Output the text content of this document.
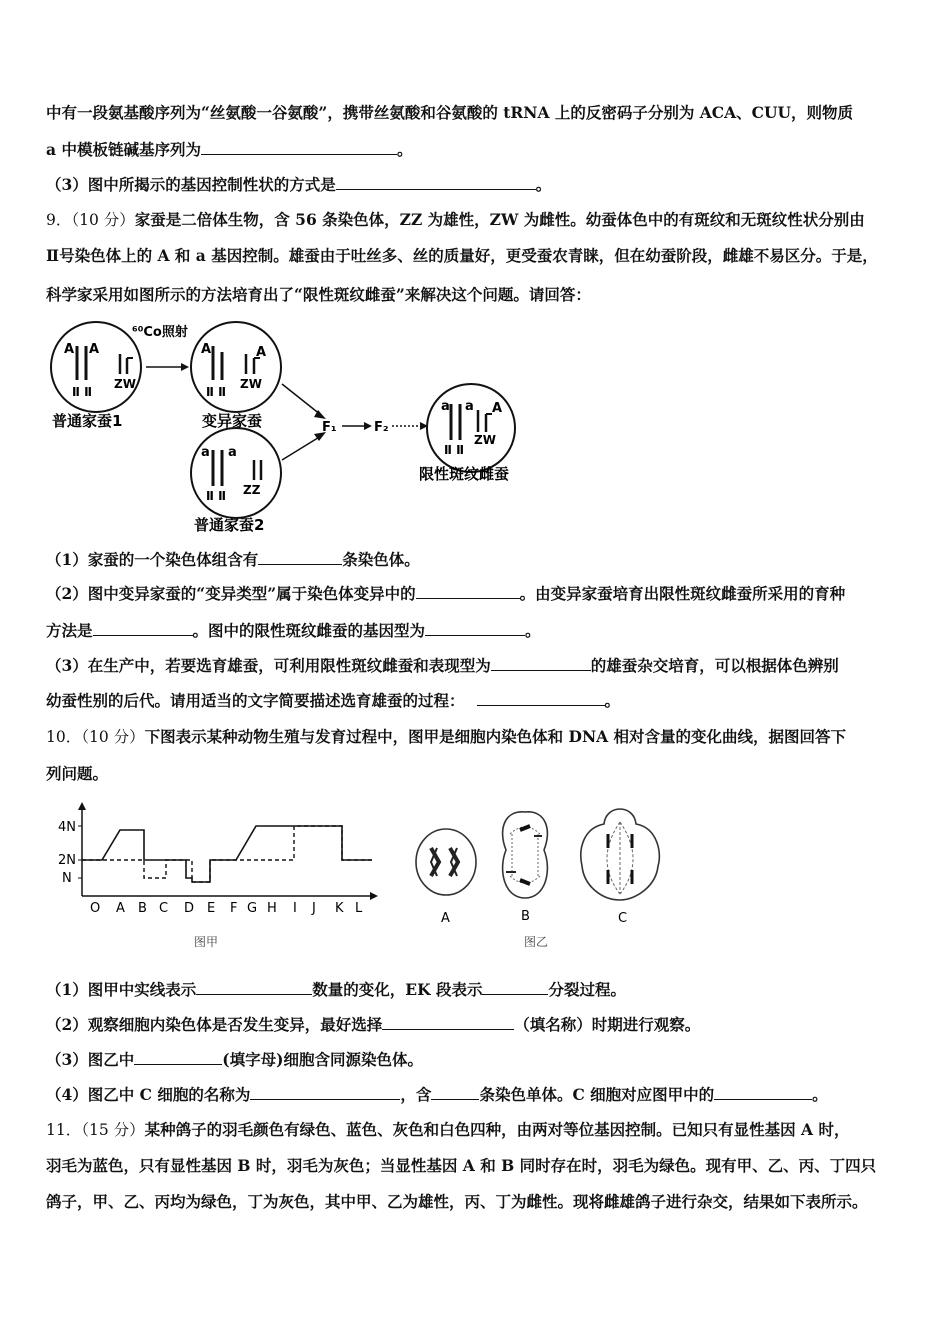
中有一段氨基酸序列为“丝氨酸一谷氨酸”，携带丝氨酸和谷氨酸的 tRNA 上的反密码子分别为 ACA、CUU，则物质
a 中模板链碱基序列为	。
（3）图中所揭示的基因控制性状的方式是	。
9．（10 分）家蚕是二倍体生物，含 56 条染色体，ZZ 为雄性，ZW 为雌性。幼蚕体色中的有斑纹和无斑纹性状分别由
Ⅱ号染色体上的 A 和 a 基因控制。雄蚕由于吐丝多、丝的质量好，更受蚕农青睐，但在幼蚕阶段，雌雄不易区分。于是，
科学家采用如图所示的方法培育出了“限性斑纹雌蚕”来解决这个问题。请回答：
⁶⁰Co照射
A A
Ⅱ Ⅱ
ZW
普通家蚕1
A	A
Ⅱ Ⅱ
ZW
变异家蚕
a a
Ⅱ Ⅱ ZZ
普通家蚕2
F₁	F₂
a a A
Ⅱ Ⅱ
ZW
限性斑纹雌蚕
（1）家蚕的一个染色体组含有	条染色体。
（2）图中变异家蚕的“变异类型”属于染色体变异中的	。由变异家蚕培育出限性斑纹雌蚕所采用的育种
方法是	。图中的限性斑纹雌蚕的基因型为	。
（3）在生产中，若要选育雄蚕，可利用限性斑纹雌蚕和表现型为	的雄蚕杂交培育，可以根据体色辨别
幼蚕性别的后代。请用适当的文字简要描述选育雄蚕的过程：	。
10．（10 分）下图表示某种动物生殖与发育过程中，图甲是细胞内染色体和 DNA 相对含量的变化曲线，据图回答下
列问题。
4N
2N
N
O A B C D E F G H I J K L
图甲
A	B
图乙
C
（1）图甲中实线表示	数量的变化，EK 段表示	分裂过程。
（2）观察细胞内染色体是否发生变异，最好选择	（填名称）时期进行观察。
（3）图乙中	(填字母)细胞含同源染色体。
（4）图乙中 C 细胞的名称为	，含	条染色单体。C 细胞对应图甲中的	。
11．（15 分）某种鸽子的羽毛颜色有绿色、蓝色、灰色和白色四种，由两对等位基因控制。已知只有显性基因 A 时，
羽毛为蓝色，只有显性基因 B 时，羽毛为灰色；当显性基因 A 和 B 同时存在时，羽毛为绿色。现有甲、乙、丙、丁四只
鸽子，甲、乙、丙均为绿色，丁为灰色，其中甲、乙为雄性，丙、丁为雌性。现将雌雄鸽子进行杂交，结果如下表所示。
